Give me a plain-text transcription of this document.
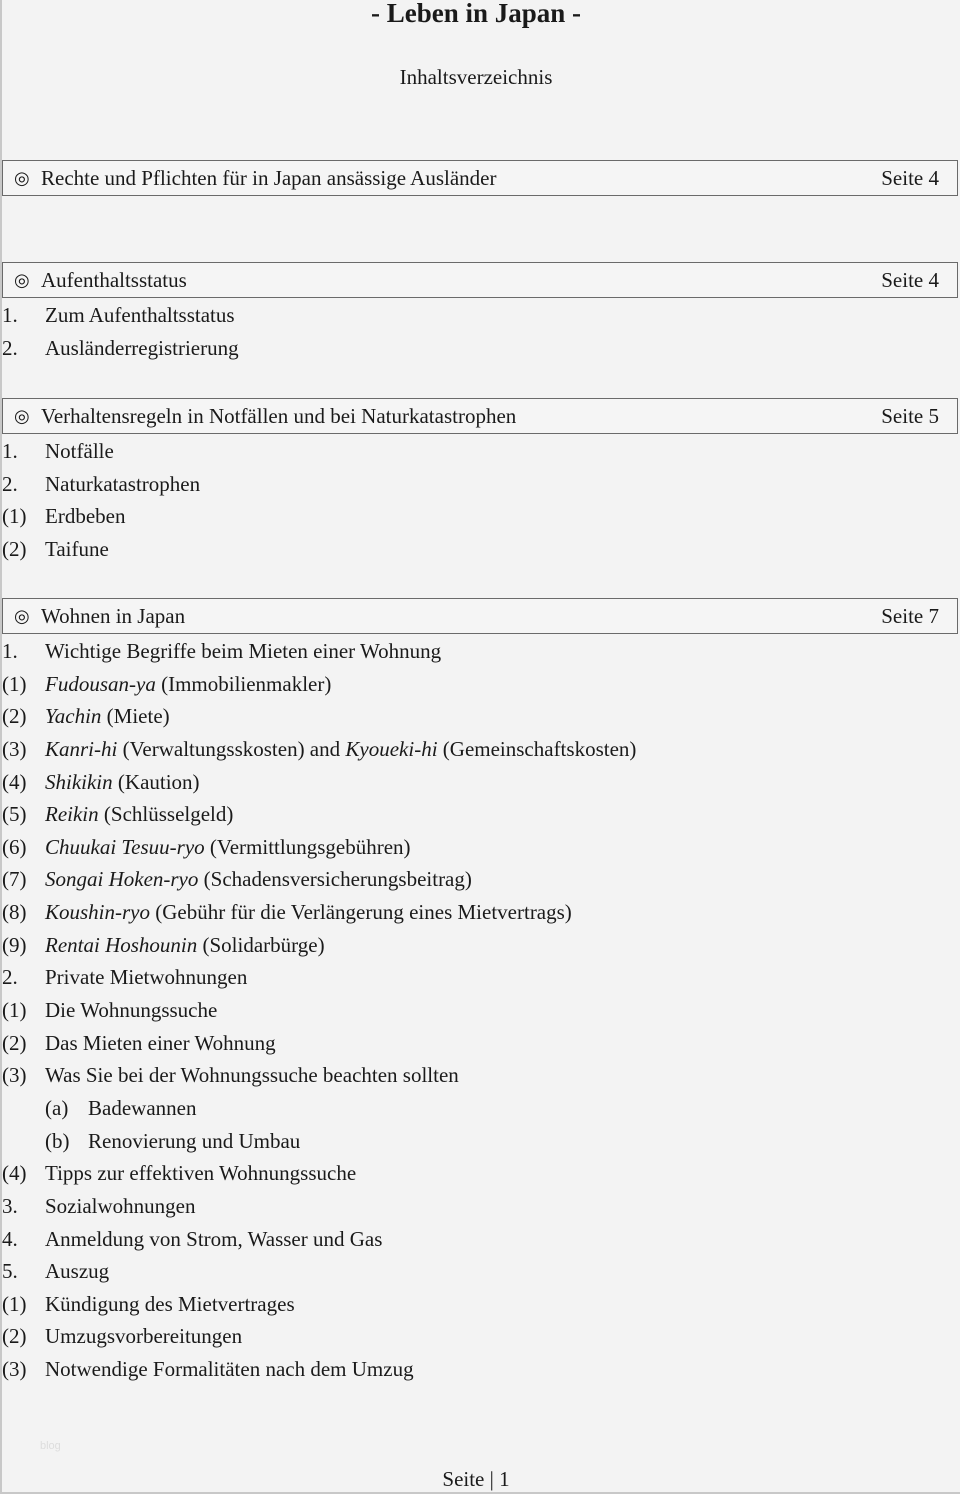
- Leben in Japan -
Inhaltsverzeichnis
◎ Rechte und Pflichten für in Japan ansässige Ausländer	Seite 4
◎ Aufenthaltsstatus	Seite 4
1. Zum Aufenthaltsstatus
2. Ausländerregistrierung
◎ Verhaltensregeln in Notfällen und bei Naturkatastrophen	Seite 5
1. Notfälle
2. Naturkatastrophen
(1) Erdbeben
(2) Taifune
◎ Wohnen in Japan	Seite 7
1. Wichtige Begriffe beim Mieten einer Wohnung
(1) Fudousan-ya (Immobilienmakler)
(2) Yachin (Miete)
(3) Kanri-hi (Verwaltungsskosten) and Kyoueki-hi (Gemeinschaftskosten)
(4) Shikikin (Kaution)
(5) Reikin (Schlüsselgeld)
(6) Chuukai Tesuu-ryo (Vermittlungsgebühren)
(7) Songai Hoken-ryo (Schadensversicherungsbeitrag)
(8) Koushin-ryo (Gebühr für die Verlängerung eines Mietvertrags)
(9) Rentai Hoshounin (Solidarbürge)
2. Private Mietwohnungen
(1) Die Wohnungssuche
(2) Das Mieten einer Wohnung
(3) Was Sie bei der Wohnungssuche beachten sollten
(a) Badewannen
(b) Renovierung und Umbau
(4) Tipps zur effektiven Wohnungssuche
3. Sozialwohnungen
4. Anmeldung von Strom, Wasser und Gas
5. Auszug
(1) Kündigung des Mietvertrages
(2) Umzugsvorbereitungen
(3) Notwendige Formalitäten nach dem Umzug
blog
Seite | 1
